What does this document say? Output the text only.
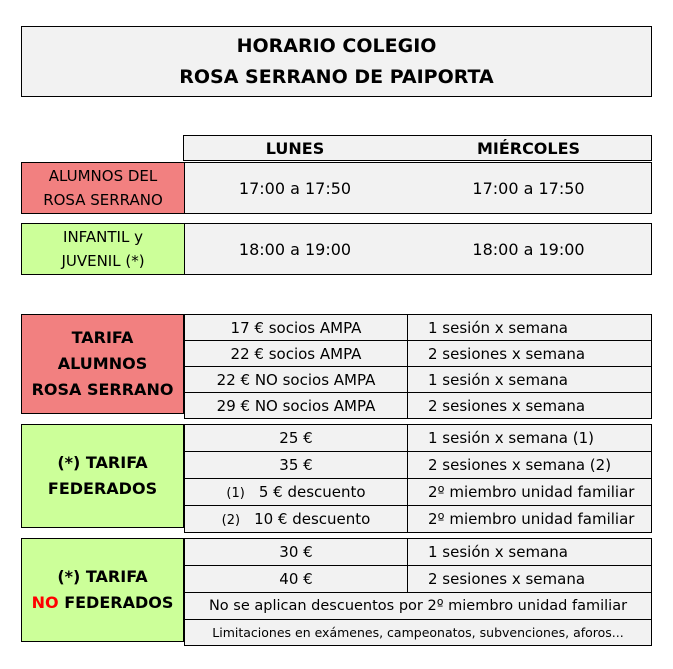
HORARIO COLEGIO
ROSA SERRANO DE PAIPORTA
LUNES	MIÉRCOLES
ALUMNOS DEL
ROSA SERRANO
17:00 a 17:50	17:00 a 17:50
INFANTIL y
JUVENIL (*)
18:00 a 19:00	18:00 a 19:00
TARIFA
ALUMNOS
ROSA SERRANO
17 € socios AMPA	1 sesión x semana
22 € socios AMPA	2 sesiones x semana
22 € NO socios AMPA	1 sesión x semana
29 € NO socios AMPA	2 sesiones x semana
(*) TARIFA
FEDERADOS
25 €	1 sesión x semana (1)
35 €	2 sesiones x semana (2)
(1) 5 € descuento	2º miembro unidad familiar
(2) 10 € descuento	2º miembro unidad familiar
(*) TARIFA
NO FEDERADOS
30 €	1 sesión x semana
40 €	2 sesiones x semana
No se aplican descuentos por 2º miembro unidad familiar	
Limitaciones en exámenes, campeonatos, subvenciones, aforos...	
